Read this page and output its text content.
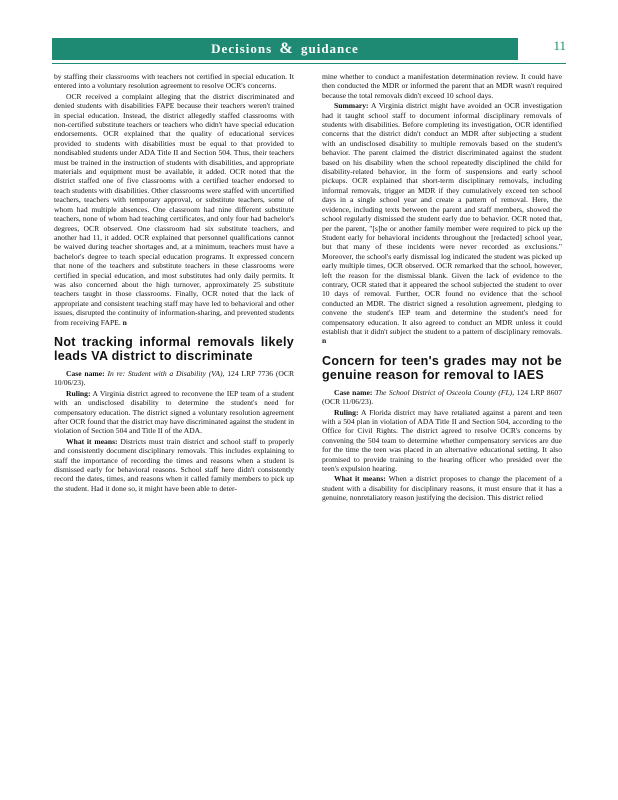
Decisions & guidance	11

by staffing their classrooms with teachers not certified in special education. It entered into a voluntary resolution agreement to resolve OCR's concerns.

OCR received a complaint alleging that the district discriminated and denied students with disabilities FAPE because their teachers weren't trained in special education. Instead, the district allegedly staffed classrooms with non-certified substitute teachers or teachers who didn't have special education endorsements. OCR explained that the quality of educational services provided to students with disabilities must be equal to that provided to nondisabled students under ADA Title II and Section 504. Thus, their teachers must be trained in the instruction of students with disabilities, and appropriate materials and equipment must be available, it added. OCR noted that the district staffed one of five classrooms with a certified teacher endorsed to teach students with disabilities. Other classrooms were staffed with uncertified teachers, teachers with temporary approval, or substitute teachers, some of whom had multiple absences. One classroom had nine different substitute teachers, none of whom had teaching certificates, and only four had bachelor's degrees, OCR observed. One classroom had six substitute teachers, and another had 11, it added. OCR explained that personnel qualifications cannot be waived during teacher shortages and, at a minimum, teachers must have a bachelor's degree to teach special education programs. It expressed concern that none of the teachers and substitute teachers in these classrooms were certified in special education, and most substitutes had only daily permits. It was also concerned about the high turnover, approximately 25 substitute teachers taught in those classrooms. Finally, OCR noted that the lack of appropriate and consistent teaching staff may have led to behavioral and other issues, disrupted the continuity of information-sharing, and prevented students from receiving FAPE. n

Not tracking informal removals likely leads VA district to discriminate

Case name: In re: Student with a Disability (VA), 124 LRP 7736 (OCR 10/06/23).

Ruling: A Virginia district agreed to reconvene the IEP team of a student with an undisclosed disability to determine the student's need for compensatory education. The district signed a voluntary resolution agreement after OCR found that the district may have discriminated against the student in violation of Section 504 and Title II of the ADA.

What it means: Districts must train district and school staff to properly and consistently document disciplinary removals. This includes explaining to staff the importance of recording the times and reasons when a student is dismissed early for behavioral reasons. School staff here didn't consistently record the dates, times, and reasons when it called family members to pick up the student. Had it done so, it might have been able to deter-

mine whether to conduct a manifestation determination review. It could have then conducted the MDR or informed the parent that an MDR wasn't required because the total removals didn't exceed 10 school days.

Summary: A Virginia district might have avoided an OCR investigation had it taught school staff to document informal disciplinary removals of students with disabilities. Before completing its investigation, OCR identified concerns that the district didn't conduct an MDR after subjecting a student with an undisclosed disability to multiple removals based on the student's behavior. The parent claimed the district discriminated against the student based on his disability when the school repeatedly disciplined the child for disability-related behavior, in the form of suspensions and early school pickups. OCR explained that short-term disciplinary removals, including informal removals, trigger an MDR if they cumulatively exceed ten school days in a single school year and create a pattern of removal. Here, the evidence, including texts between the parent and staff members, showed the school regularly dismissed the student early due to behavior. OCR noted that, per the parent, "[s]he or another family member were required to pick up the Student early for behavioral incidents throughout the [redacted] school year, but that many of these incidents were never recorded as exclusions." Moreover, the school's early dismissal log indicated the student was picked up early multiple times, OCR observed. OCR remarked that the school, however, left the reason for the dismissal blank. Given the lack of evidence to the contrary, OCR stated that it appeared the school subjected the student to over 10 days of removal. Further, OCR found no evidence that the school conducted an MDR. The district signed a resolution agreement, pledging to convene the student's IEP team and determine the student's need for compensatory education. It also agreed to conduct an MDR unless it could establish that it didn't subject the student to a pattern of disciplinary removals. n

Concern for teen's grades may not be genuine reason for removal to IAES

Case name: The School District of Osceola County (FL), 124 LRP 8607 (OCR 11/06/23).

Ruling: A Florida district may have retaliated against a parent and teen with a 504 plan in violation of ADA Title II and Section 504, according to the Office for Civil Rights. The district agreed to resolve OCR's concerns by convening the 504 team to determine whether compensatory services are due for the time the teen was placed in an alternative educational setting. It also promised to provide training to the hearing officer who presided over the teen's expulsion hearing.

What it means: When a district proposes to change the placement of a student with a disability for disciplinary reasons, it must ensure that it has a genuine, nonretaliatory reason justifying the decision. This district relied
